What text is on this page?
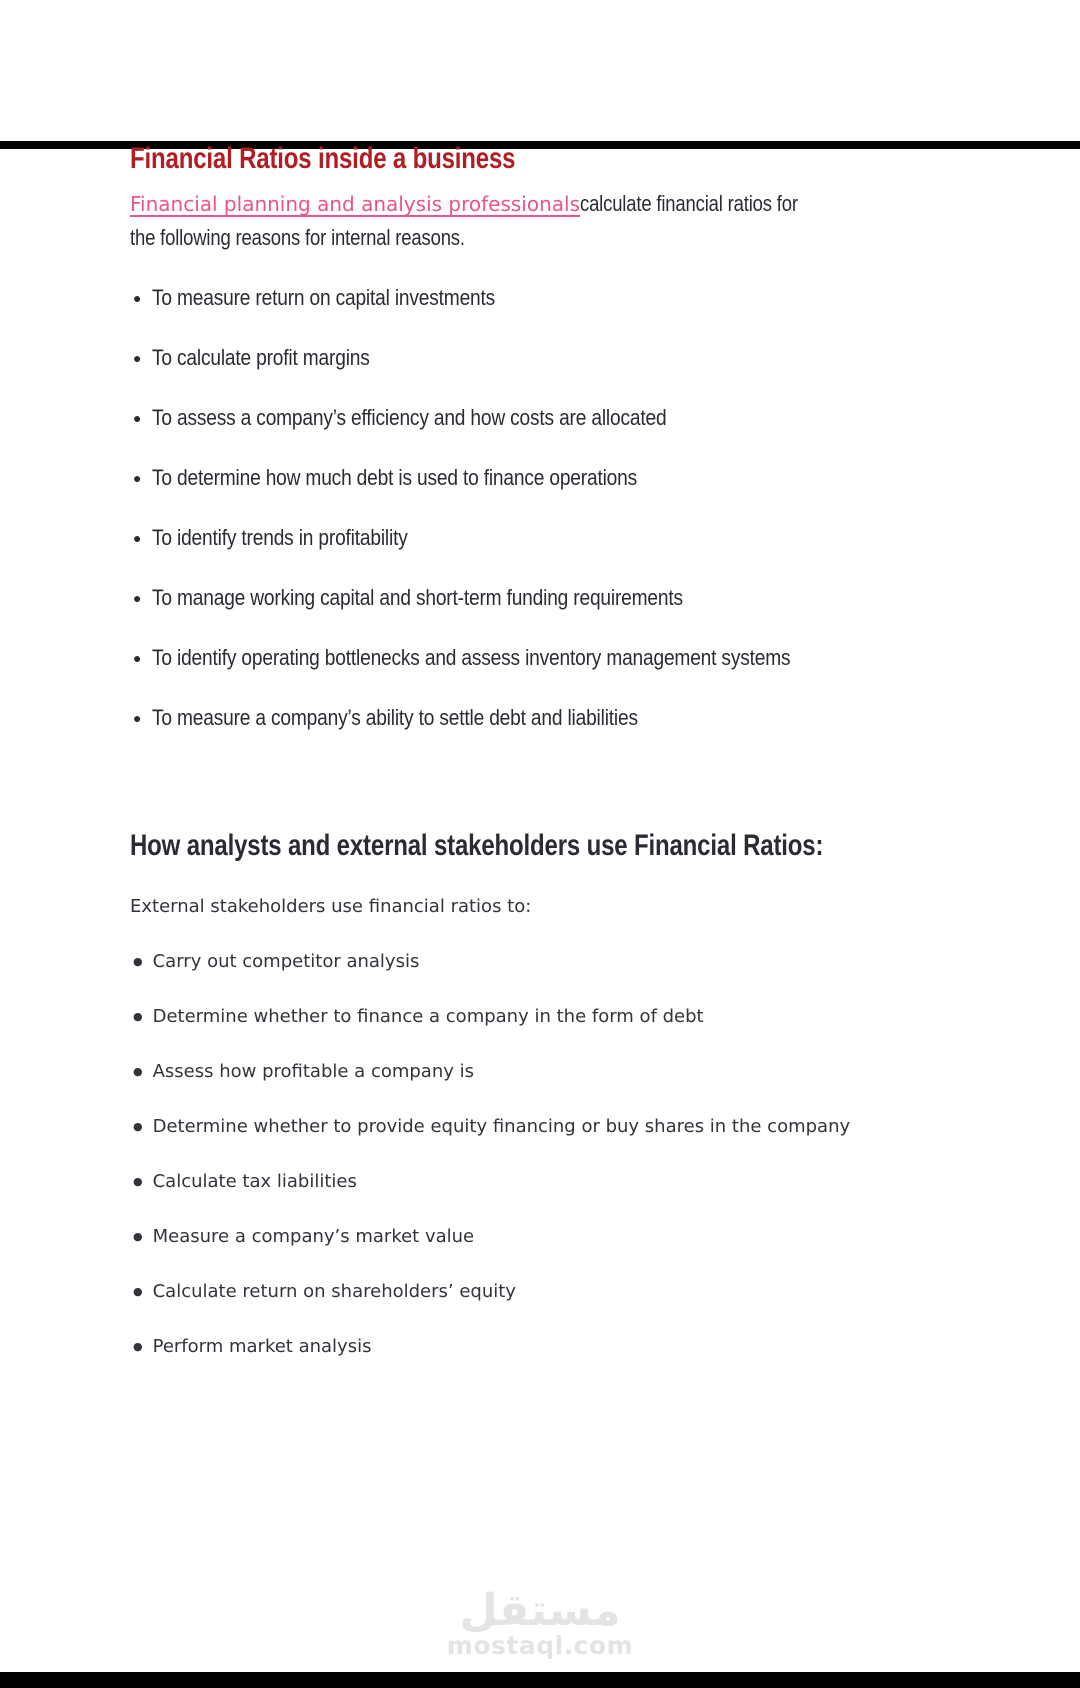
Financial Ratios inside a business

Financial planning and analysis professionalscalculate financial ratios for
the following reasons for internal reasons.

● To measure return on capital investments
● To calculate profit margins
● To assess a company’s efficiency and how costs are allocated
● To determine how much debt is used to finance operations
● To identify trends in profitability
● To manage working capital and short-term funding requirements
● To identify operating bottlenecks and assess inventory management systems
● To measure a company’s ability to settle debt and liabilities
How analysts and external stakeholders use Financial Ratios:

External stakeholders use financial ratios to:

● Carry out competitor analysis
● Determine whether to finance a company in the form of debt
● Assess how profitable a company is
● Determine whether to provide equity financing or buy shares in the company
● Calculate tax liabilities
● Measure a company’s market value
● Calculate return on shareholders’ equity
● Perform market analysis
مستقل
mostaql.com
